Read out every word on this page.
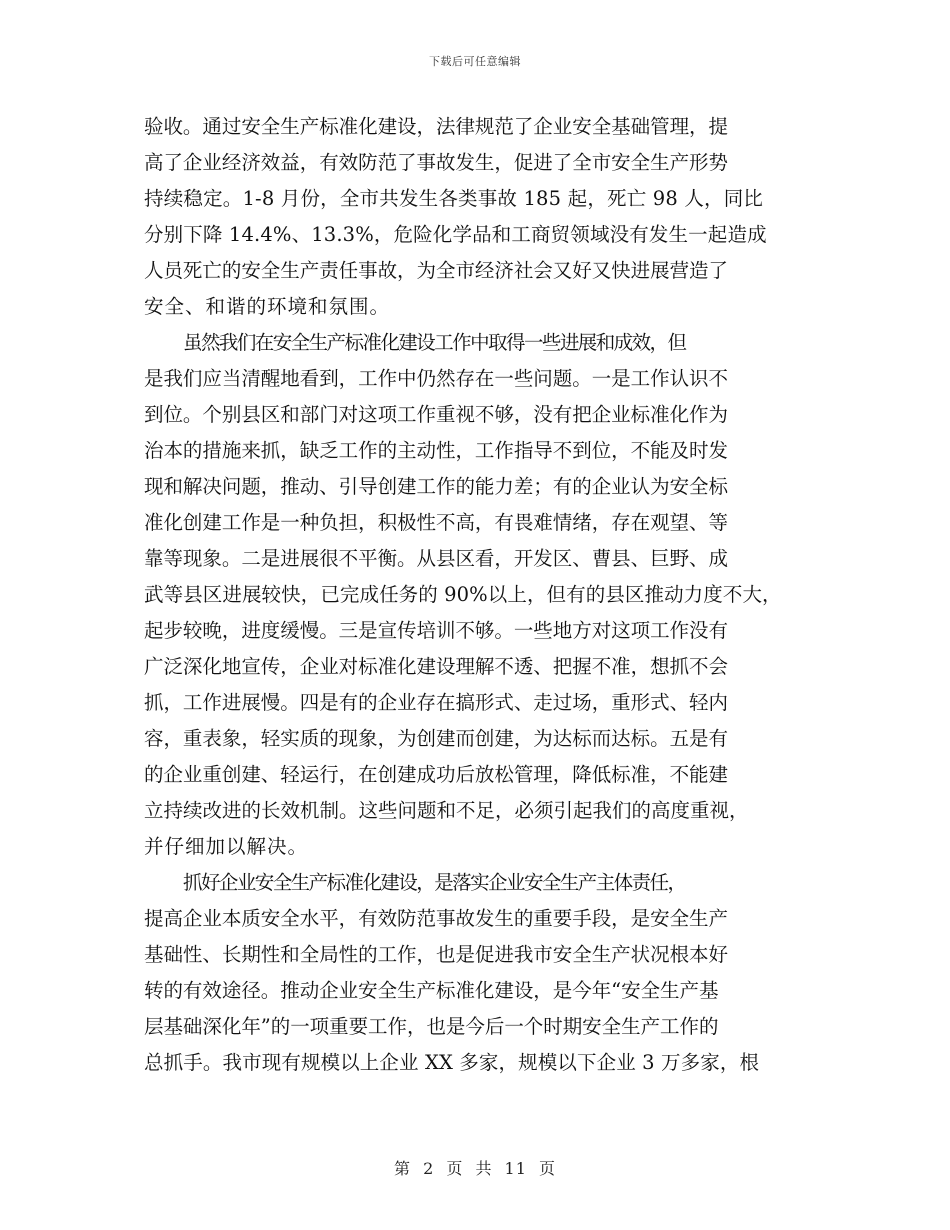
下载后可任意编辑
验收。通过安全生产标准化建设，法律规范了企业安全基础管理，提
高了企业经济效益，有效防范了事故发生，促进了全市安全生产形势
持续稳定。1-8 月份，全市共发生各类事故 185 起，死亡 98 人，同比
分别下降 14.4%、13.3%，危险化学品和工商贸领域没有发生一起造成
人员死亡的安全生产责任事故，为全市经济社会又好又快进展营造了
安全、和谐的环境和氛围。
虽然我们在安全生产标准化建设工作中取得一些进展和成效，但
是我们应当清醒地看到，工作中仍然存在一些问题。一是工作认识不
到位。个别县区和部门对这项工作重视不够，没有把企业标准化作为
治本的措施来抓，缺乏工作的主动性，工作指导不到位，不能及时发
现和解决问题，推动、引导创建工作的能力差；有的企业认为安全标
准化创建工作是一种负担，积极性不高，有畏难情绪，存在观望、等
靠等现象。二是进展很不平衡。从县区看，开发区、曹县、巨野、成
武等县区进展较快，已完成任务的 90%以上，但有的县区推动力度不大，
起步较晚，进度缓慢。三是宣传培训不够。一些地方对这项工作没有
广泛深化地宣传，企业对标准化建设理解不透、把握不准，想抓不会
抓，工作进展慢。四是有的企业存在搞形式、走过场，重形式、轻内
容，重表象，轻实质的现象，为创建而创建，为达标而达标。五是有
的企业重创建、轻运行，在创建成功后放松管理，降低标准，不能建
立持续改进的长效机制。这些问题和不足，必须引起我们的高度重视，
并仔细加以解决。
抓好企业安全生产标准化建设，是落实企业安全生产主体责任，
提高企业本质安全水平，有效防范事故发生的重要手段，是安全生产
基础性、长期性和全局性的工作，也是促进我市安全生产状况根本好
转的有效途径。推动企业安全生产标准化建设，是今年“安全生产基
层基础深化年”的一项重要工作，也是今后一个时期安全生产工作的
总抓手。我市现有规模以上企业 XX 多家，规模以下企业 3 万多家，根
第 2 页 共 11 页
